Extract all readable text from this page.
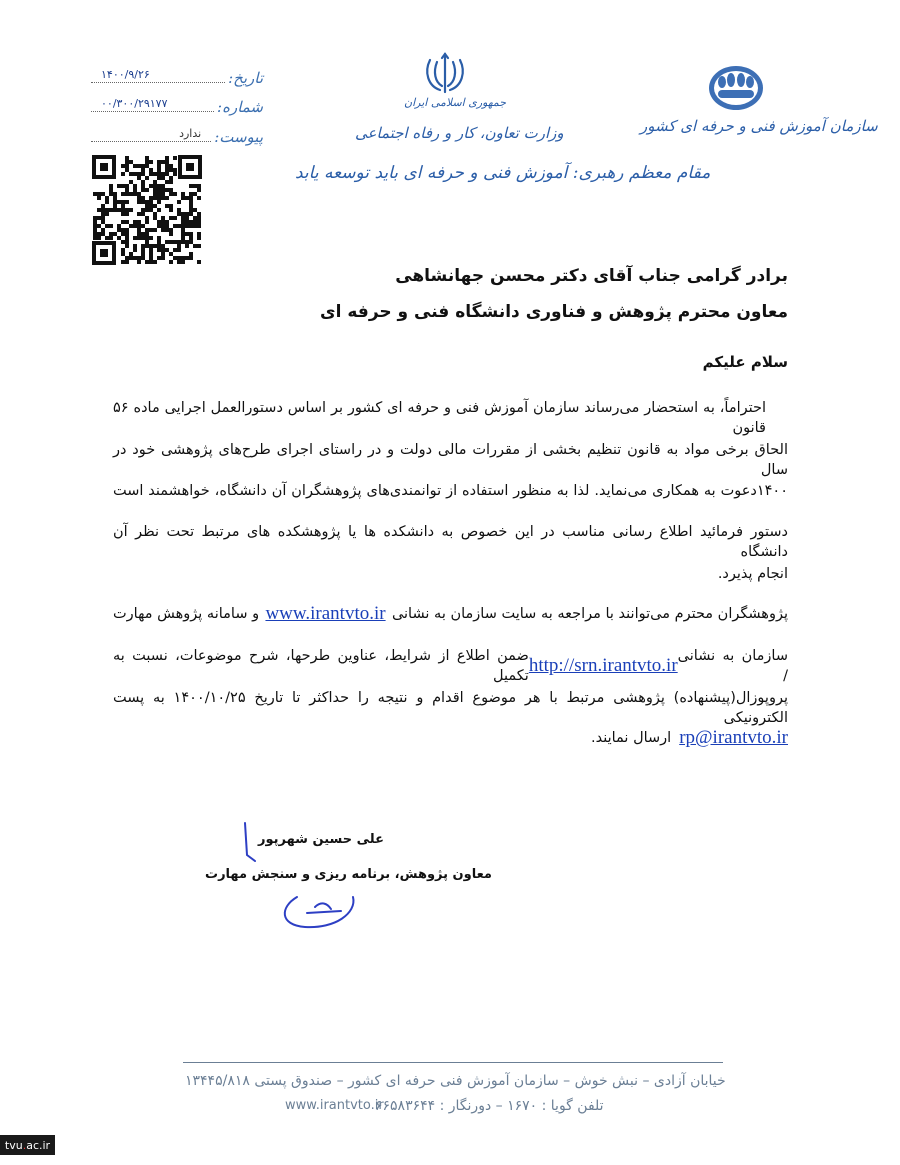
تاریخ:
۱۴۰۰/۹/۲۶
شماره:
۰۰/۳۰۰/۲۹۱۷۷
پیوست:
ندارد
جمهوری اسلامی ایران
وزارت تعاون، کار و رفاه اجتماعی
مقام معظم رهبری: آموزش فنی و حرفه ای باید توسعه یابد
سازمان آموزش فنی و حرفه ای کشور
برادر گرامی جناب آقای دکتر محسن جهانشاهی
معاون محترم پژوهش و فناوری دانشگاه فنی و حرفه ای
سلام علیکم
احتراماً، به استحضار می‌رساند سازمان آموزش فنی و حرفه ای کشور بر اساس دستورالعمل اجرایی ماده ۵۶ قانون
الحاق برخی مواد به قانون تنظیم بخشی از مقررات مالی دولت و در راستای اجرای طرح‌های پژوهشی خود در سال
۱۴۰۰دعوت به همکاری می‌نماید. لذا به منظور استفاده از توانمندی‌های پژوهشگران آن دانشگاه، خواهشمند است
دستور فرمائید اطلاع رسانی مناسب در این خصوص به دانشکده ها یا پژوهشکده های مرتبط تحت نظر آن دانشگاه
انجام پذیرد.
پژوهشگران محترم می‌توانند با مراجعه به سایت سازمان به نشانی
www.irantvto.ir
و سامانه پژوهش مهارت
سازمان به نشانی /
http://srn.irantvto.ir
ضمن اطلاع از شرایط، عناوین طرحها، شرح موضوعات، نسبت به تکمیل
پروپوزال(پیشنهاده) پژوهشی مرتبط با هر موضوع اقدام و نتیجه را حداکثر تا تاریخ ۱۴۰۰/۱۰/۲۵ به پست الکترونیکی
rp@irantvto.ir
ارسال نمایند.
علی حسین شهرپور
معاون پژوهش، برنامه ریزی و سنجش مهارت
خیابان آزادی – نبش خوش – سازمان آموزش فنی حرفه ای کشور – صندوق پستی ۱۳۴۴۵/۸۱۸
تلفن گویا : ۱۶۷۰ – دورنگار : ۶۶۵۸۳۶۴۴
www.irantvto.ir
tvu . ac.ir
